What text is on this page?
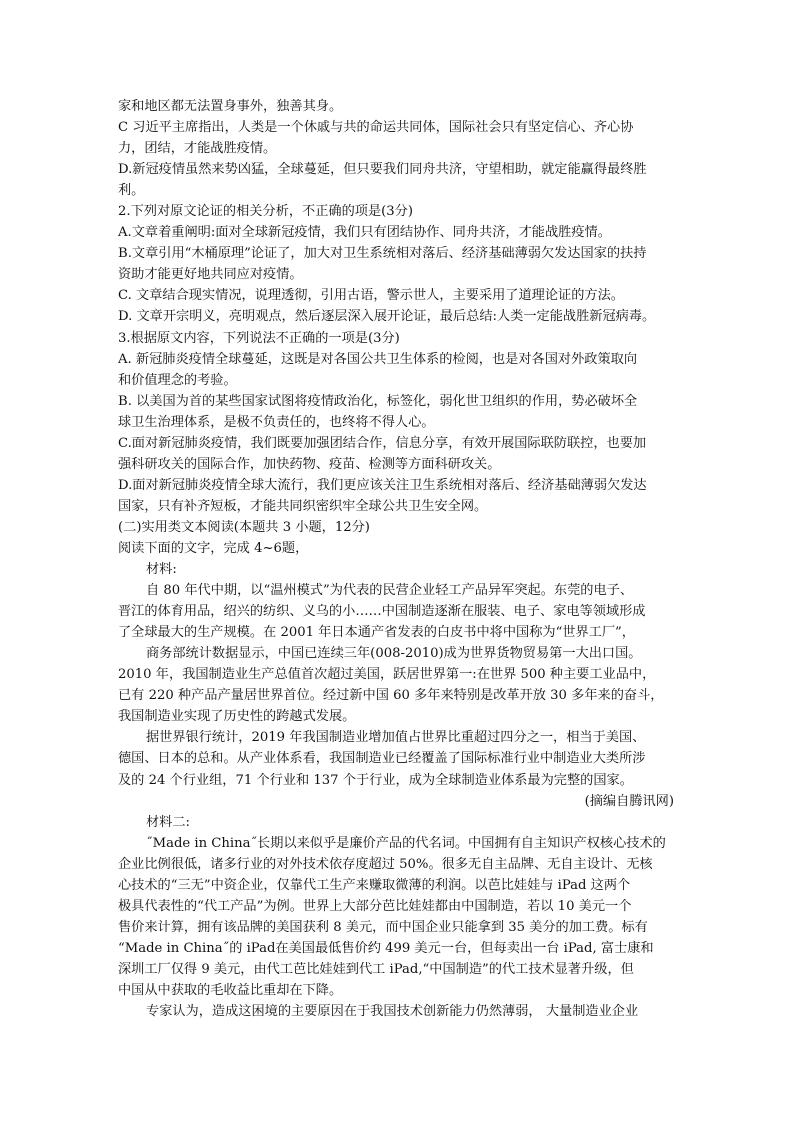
家和地区都无法置身事外，独善其身。
C 习近平主席指出，人类是一个休戚与共的命运共同体，国际社会只有坚定信心、齐心协
力，团结，才能战胜疫情。
D.新冠疫情虽然来势凶猛，全球蔓延，但只要我们同舟共济，守望相助，就定能赢得最终胜
利。
2.下列对原文论证的相关分析，不正确的项是(3分)
A.文章着重阐明:面对全球新冠疫情，我们只有团结协作、同舟共济，才能战胜疫情。
B.文章引用“木桶原理”论证了，加大对卫生系统相对落后、经济基础薄弱欠发达国家的扶持
资助才能更好地共同应对疫情。
C. 文章结合现实情况，说理透彻，引用古语，警示世人，主要采用了道理论证的方法。
D. 文章开宗明义，亮明观点，然后逐层深入展开论证，最后总结:人类一定能战胜新冠病毒。
3.根据原文内容，下列说法不正确的一项是(3分)
A. 新冠肺炎疫情全球蔓延，这既是对各国公共卫生体系的检阅，也是对各国对外政策取向
和价值理念的考验。
B. 以美国为首的某些国家试图将疫情政治化，标签化，弱化世卫组织的作用，势必破坏全
球卫生治理体系，是极不负责任的，也终将不得人心。
C.面对新冠肺炎疫情，我们既要加强团结合作，信息分享，有效开展国际联防联控，也要加
强科研攻关的国际合作，加快药物、疫苗、检测等方面科研攻关。
D.面对新冠肺炎疫情全球大流行，我们更应该关注卫生系统相对落后、经济基础薄弱欠发达
国家，只有补齐短板，才能共同织密织牢全球公共卫生安全网。
(二)实用类文本阅读(本题共 3 小题，12分)
阅读下面的文字，完成 4~6题，
材料:
自 80 年代中期，以“温州模式”为代表的民营企业轻工产品异军突起。东莞的电子、
晋江的体育用品，绍兴的纺织、义乌的小……中国制造逐渐在服装、电子、家电等领域形成
了全球最大的生产规模。在 2001 年日本通产省发表的白皮书中将中国称为“世界工厂”，
商务部统计数据显示，中国已连续三年(008-2010)成为世界货物贸易第一大出口国。
2010 年，我国制造业生产总值首次超过美国，跃居世界第一:在世界 500 种主要工业品中，
已有 220 种产品产量居世界首位。经过新中国 60 多年来特别是改革开放 30 多年来的奋斗，
我国制造业实现了历史性的跨越式发展。
据世界银行统计，2019 年我国制造业增加值占世界比重超过四分之一，相当于美国、
德国、日本的总和。从产业体系看，我国制造业已经覆盖了国际标准行业中制造业大类所涉
及的 24 个行业组，71 个行业和 137 个于行业，成为全球制造业体系最为完整的国家。
(摘编自腾讯网)
材料二:
˝Made in China˝长期以来似乎是廉价产品的代名词。中国拥有自主知识产权核心技术的
企业比例很低，诸多行业的对外技术依存度超过 50%。很多无自主品牌、无自主设计、无核
心技术的“三无”中资企业，仅靠代工生产来赚取微薄的利润。以芭比娃娃与 iPad 这两个
极具代表性的“代工产品”为例。世界上大部分芭比娃娃都由中国制造，若以 10 美元一个
售价来计算，拥有该品牌的美国获利 8 美元，而中国企业只能拿到 35 美分的加工费。标有
“Made in China˝的 iPad在美国最低售价约 499 美元一台，但每卖出一台 iPad, 富士康和
深圳工厂仅得 9 美元，由代工芭比娃娃到代工 iPad,“中国制造”的代工技术显著升级，但
中国从中获取的毛收益比重却在下降。
专家认为，造成这困境的主要原因在于我国技术创新能力仍然薄弱， 大量制造业企业
